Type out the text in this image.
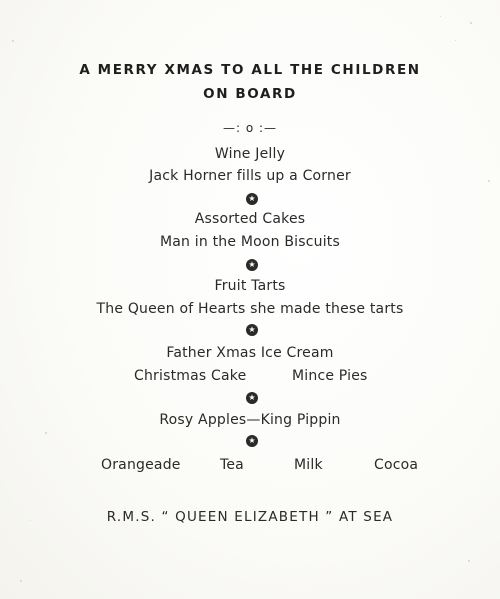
A MERRY XMAS TO ALL THE CHILDREN
ON BOARD
—: o :—
Wine Jelly
Jack Horner fills up a Corner
★
Assorted Cakes
Man in the Moon Biscuits
★
Fruit Tarts
The Queen of Hearts she made these tarts
★
Father Xmas Ice Cream
Christmas Cake	Mince Pies
★
Rosy Apples—King Pippin
★
Orangeade	Tea	Milk	Cocoa
R.M.S. “ QUEEN ELIZABETH ” AT SEA
